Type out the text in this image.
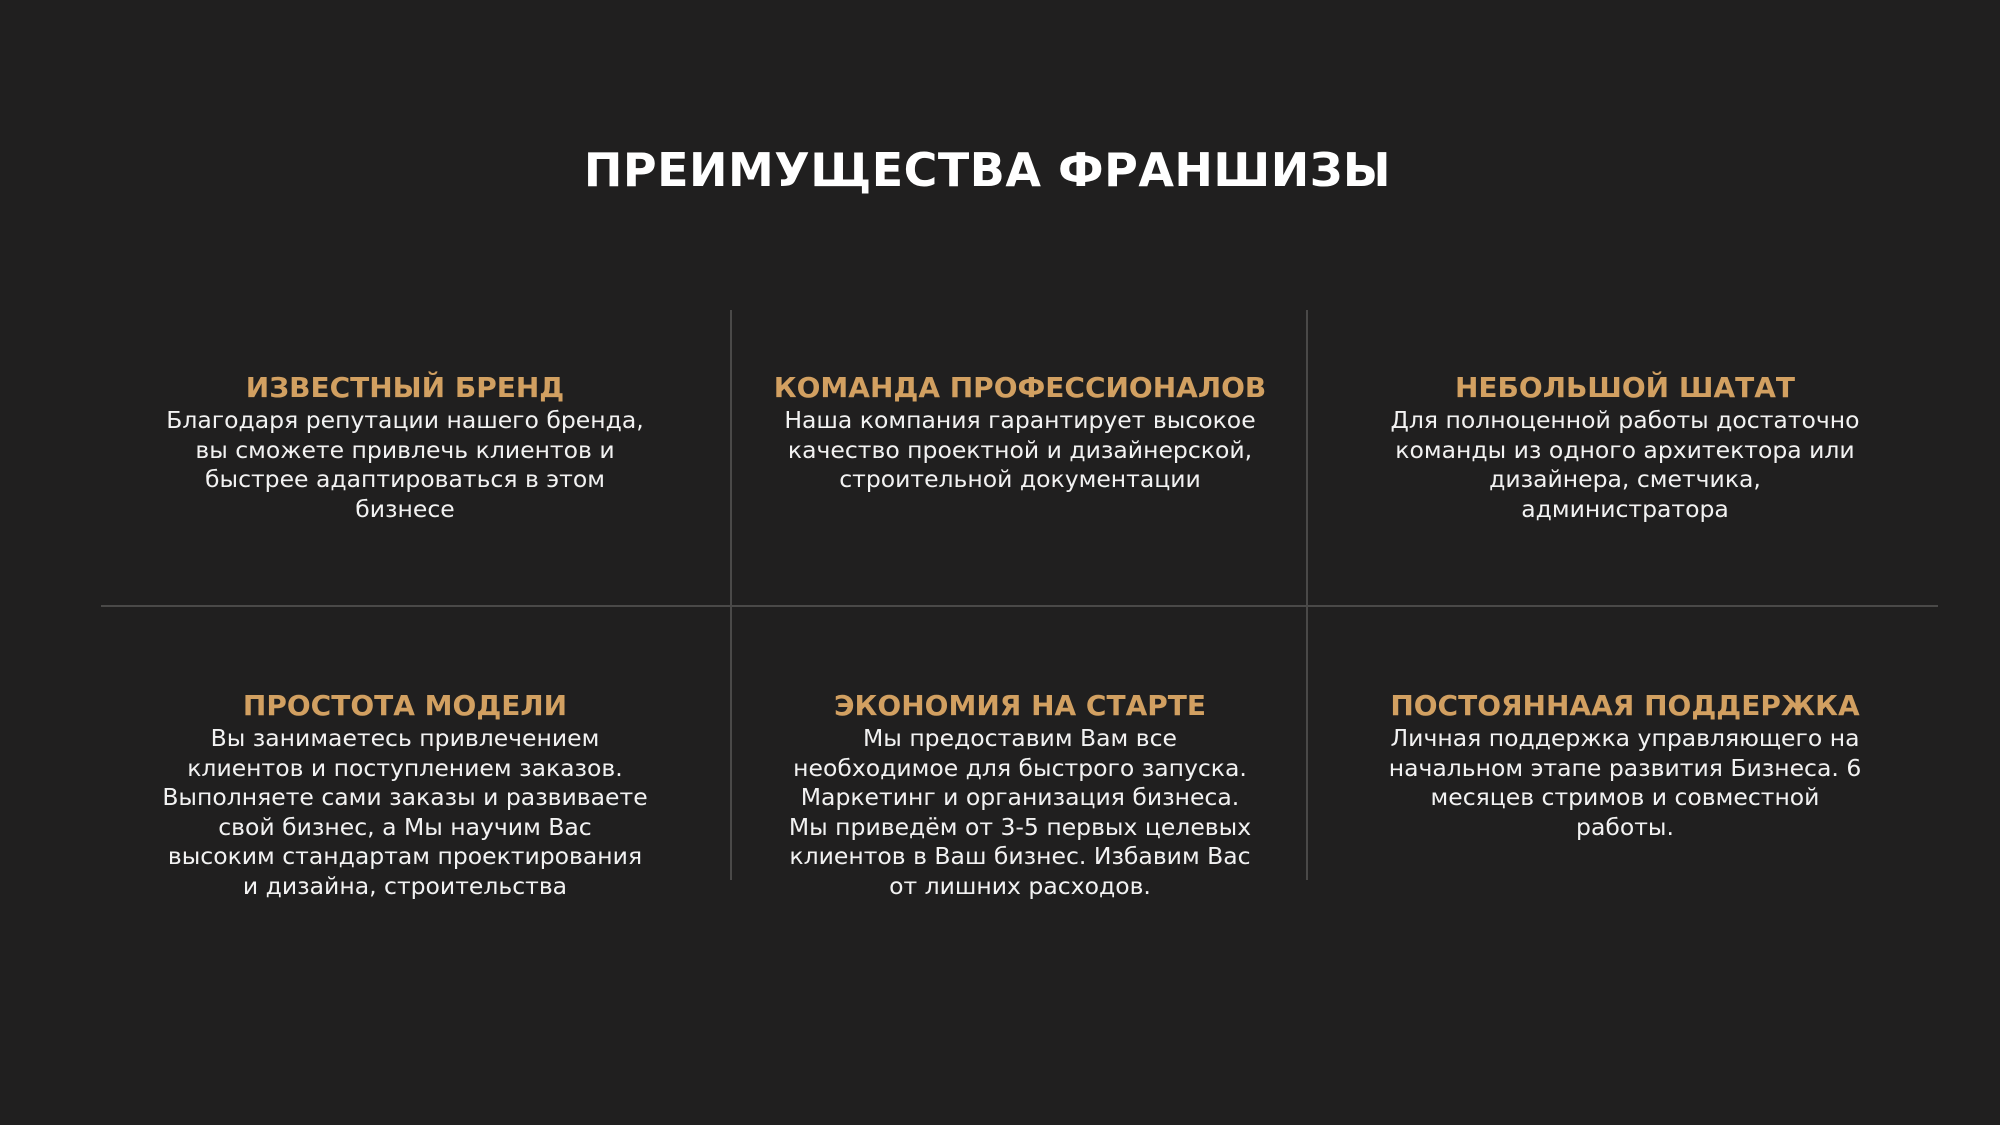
ПРЕИМУЩЕСТВА ФРАНШИЗЫ

ИЗВЕСТНЫЙ БРЕНД

Благодаря репутации нашего бренда,
вы сможете привлечь клиентов и
быстрее адаптироваться в этом
бизнесе

КОМАНДА ПРОФЕССИОНАЛОВ

Наша компания гарантирует высокое
качество проектной и дизайнерской,
строительной документации

НЕБОЛЬШОЙ ШАТАТ

Для полноценной работы достаточно
команды из одного архитектора или
дизайнера, сметчика,
администратора

ПРОСТОТА МОДЕЛИ

Вы занимаетесь привлечением
клиентов и поступлением заказов.
Выполняете сами заказы и развиваете
свой бизнес, а Мы научим Вас
высоким стандартам проектирования
и дизайна, строительства

ЭКОНОМИЯ НА СТАРТЕ

Мы предоставим Вам все
необходимое для быстрого запуска.
Маркетинг и организация бизнеса.
Мы приведём от 3-5 первых целевых
клиентов в Ваш бизнес. Избавим Вас
от лишних расходов.

ПОСТОЯННААЯ ПОДДЕРЖКА

Личная поддержка управляющего на
начальном этапе развития Бизнеса. 6
месяцев стримов и совместной
работы.
